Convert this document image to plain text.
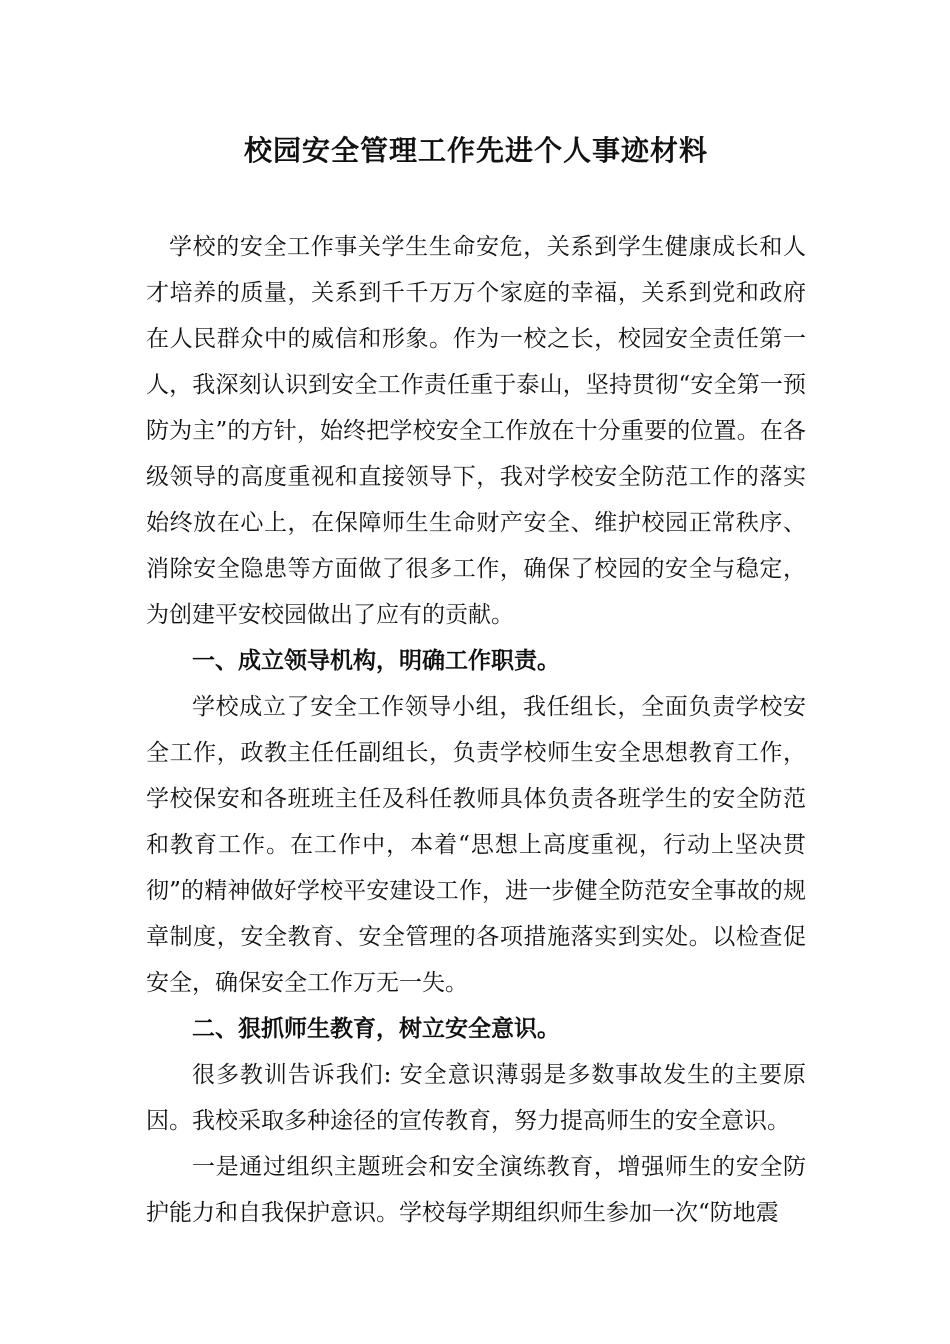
校园安全管理工作先进个人事迹材料

学校的安全工作事关学生生命安危，关系到学生健康成长和人才培养的质量，关系到千千万万个家庭的幸福，关系到党和政府在人民群众中的威信和形象。作为一校之长，校园安全责任第一人，我深刻认识到安全工作责任重于泰山，坚持贯彻“安全第一预防为主”的方针，始终把学校安全工作放在十分重要的位置。在各级领导的高度重视和直接领导下，我对学校安全防范工作的落实始终放在心上，在保障师生生命财产安全、维护校园正常秩序、消除安全隐患等方面做了很多工作，确保了校园的安全与稳定，为创建平安校园做出了应有的贡献。

一、成立领导机构，明确工作职责。

学校成立了安全工作领导小组，我任组长，全面负责学校安全工作，政教主任任副组长，负责学校师生安全思想教育工作，学校保安和各班班主任及科任教师具体负责各班学生的安全防范和教育工作。在工作中，本着“思想上高度重视，行动上坚决贯彻”的精神做好学校平安建设工作，进一步健全防范安全事故的规章制度，安全教育、安全管理的各项措施落实到实处。以检查促安全，确保安全工作万无一失。

二、狠抓师生教育，树立安全意识。

很多教训告诉我们: 安全意识薄弱是多数事故发生的主要原因。我校采取多种途径的宣传教育，努力提高师生的安全意识。

一是通过组织主题班会和安全演练教育，增强师生的安全防护能力和自我保护意识。学校每学期组织师生参加一次“防地震
